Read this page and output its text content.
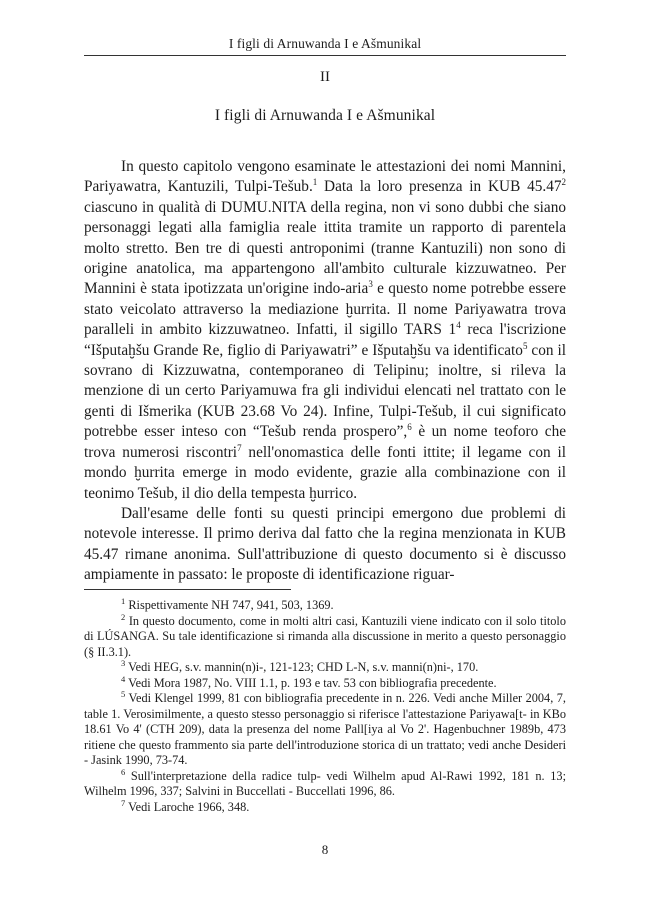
I figli di Arnuwanda I e Ašmunikal
II
I figli di Arnuwanda I e Ašmunikal

In questo capitolo vengono esaminate le attestazioni dei nomi Mannini, Pariyawatra, Kantuzili, Tulpi-Tešub.$^1$ Data la loro presenza in KUB 45.47$^2$ ciascuno in qualità di DUMU.NITA della regina, non vi sono dubbi che siano personaggi legati alla famiglia reale ittita tramite un rapporto di parentela molto stretto. Ben tre di questi antroponimi (tranne Kantuzili) non sono di origine anatolica, ma appartengono all'ambito culturale kizzuwatneo. Per Mannini è stata ipotizzata un'origine indo-aria$^3$ e questo nome potrebbe essere stato veicolato attraverso la mediazione ḫurrita. Il nome Pariyawatra trova paralleli in ambito kizzuwatneo. Infatti, il sigillo TARS $1^4$ reca l'iscrizione “Išputaḫšu Grande Re, figlio di Pariyawatri” e Išputaḫšu va identificato$^5$ con il sovrano di Kizzuwatna, contemporaneo di Telipinu; inoltre, si rileva la menzione di un certo Pariyamuwa fra gli individui elencati nel trattato con le genti di Išmerika (KUB 23.68 Vo 24). Infine, Tulpi-Tešub, il cui significato potrebbe esser inteso con “Tešub renda prospero”,$^6$ è un nome teoforo che trova numerosi riscontri$^7$ nell'onomastica delle fonti ittite; il legame con il mondo ḫurrita emerge in modo evidente, grazie alla combinazione con il teonimo Tešub, il dio della tempesta ḫurrico.

Dall'esame delle fonti su questi principi emergono due problemi di notevole interesse. Il primo deriva dal fatto che la regina menzionata in KUB 45.47 rimane anonima. Sull'attribuzione di questo documento si è discusso ampiamente in passato: le proposte di identificazione riguar-

$^1$ Rispettivamente NH 747, 941, 503, 1369.

$^2$ In questo documento, come in molti altri casi, Kantuzili viene indicato con il solo titolo di LÚSANGA. Su tale identificazione si rimanda alla discussione in merito a questo personaggio (§ II.3.1).

$^3$ Vedi HEG, s.v. mannin(n)i-, 121-123; CHD L-N, s.v. manni(n)ni-, 170.

$^4$ Vedi Mora 1987, No. VIII 1.1, p. 193 e tav. 53 con bibliografia precedente.

$^5$ Vedi Klengel 1999, 81 con bibliografia precedente in n. 226. Vedi anche Miller 2004, 7, table 1. Verosimilmente, a questo stesso personaggio si riferisce l'attestazione Pariyawa[t- in KBo 18.61 Vo 4' (CTH 209), data la presenza del nome Pall[iya al Vo 2'. Hagenbuchner 1989b, 473 ritiene che questo frammento sia parte dell'introduzione storica di un trattato; vedi anche Desideri - Jasink 1990, 73-74.

$^6$ Sull'interpretazione della radice tulp- vedi Wilhelm apud Al-Rawi 1992, 181 n. 13; Wilhelm 1996, 337; Salvini in Buccellati - Buccellati 1996, 86.

$^7$ Vedi Laroche 1966, 348.

8
